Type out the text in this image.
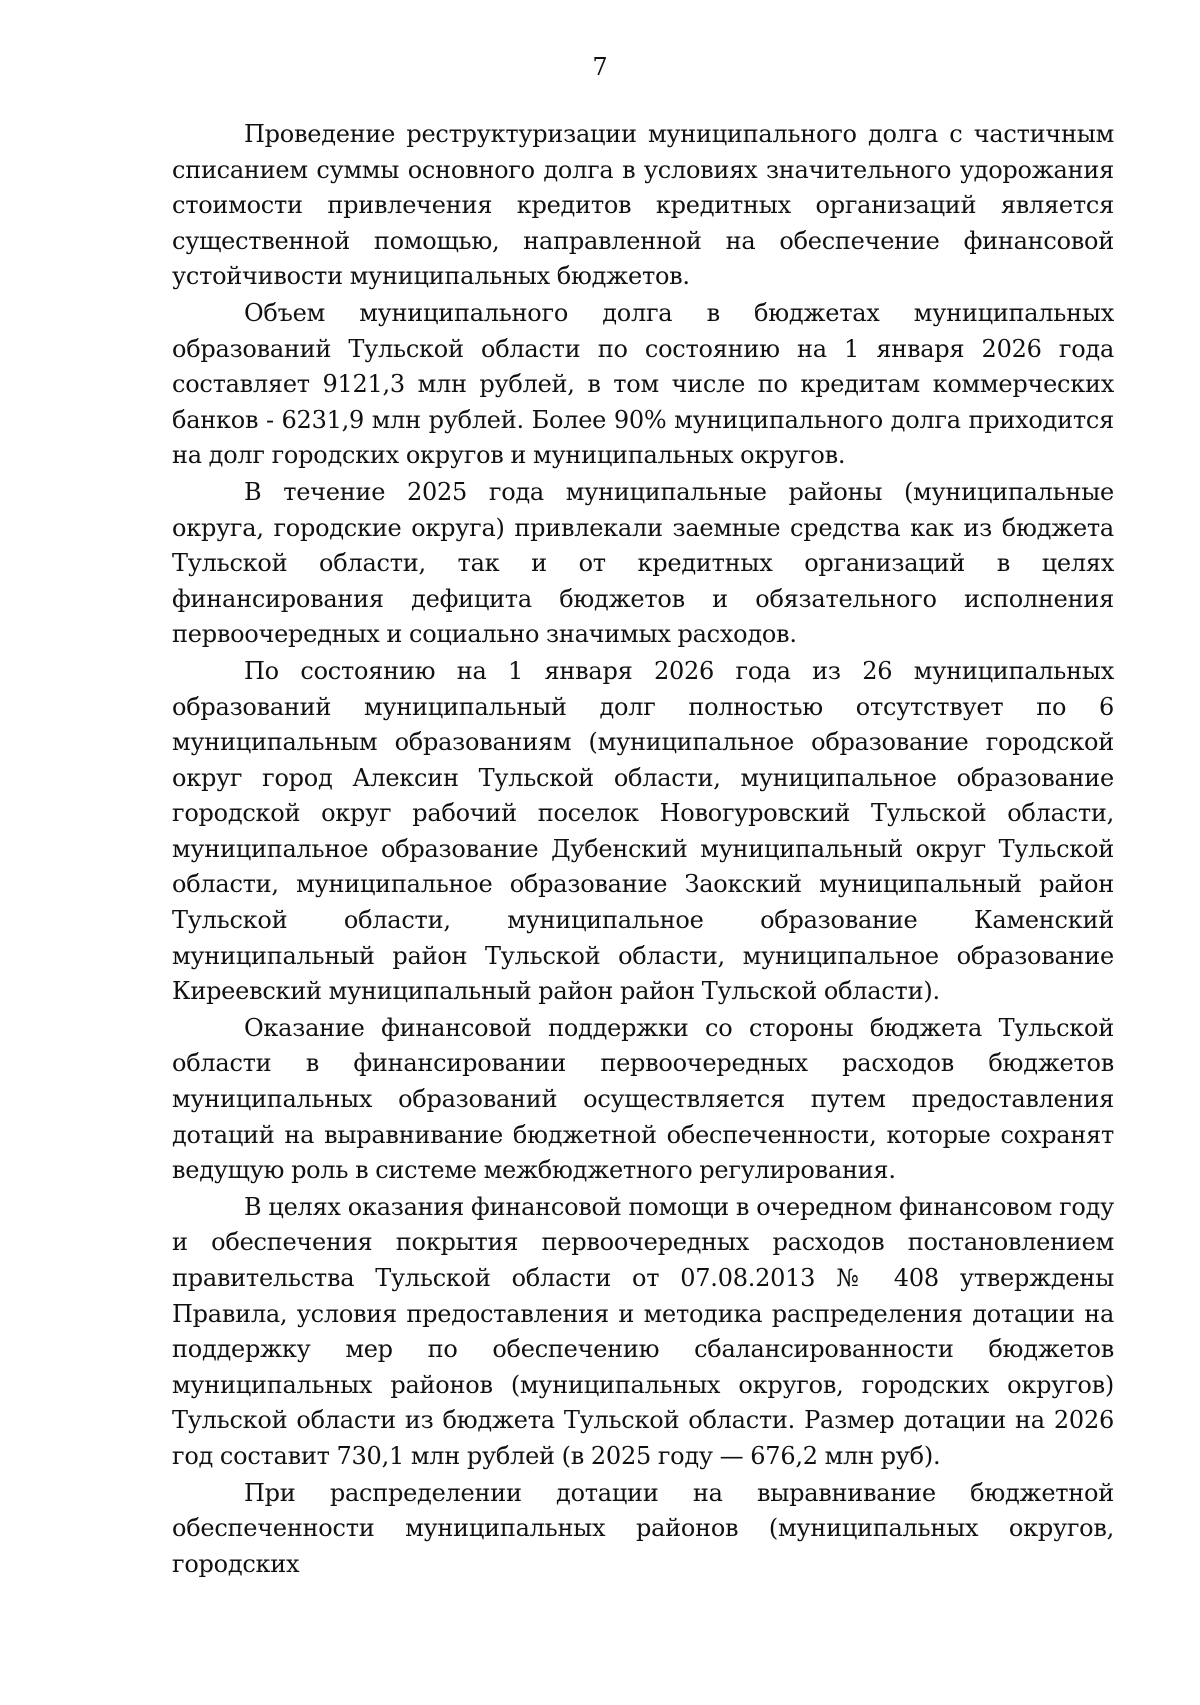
7

Проведение реструктуризации муниципального долга с частичным списанием суммы основного долга в условиях значительного удорожания стоимости привлечения кредитов кредитных организаций является существенной помощью, направленной на обеспечение финансовой устойчивости муниципальных бюджетов.

Объем муниципального долга в бюджетах муниципальных образований Тульской области по состоянию на 1 января 2026 года составляет 9121,3 млн рублей, в том числе по кредитам коммерческих банков - 6231,9 млн рублей. Более 90% муниципального долга приходится на долг городских округов и муниципальных округов.

В течение 2025 года муниципальные районы (муниципальные округа, городские округа) привлекали заемные средства как из бюджета Тульской области, так и от кредитных организаций в целях финансирования дефицита бюджетов и обязательного исполнения первоочередных и социально значимых расходов.

По состоянию на 1 января 2026 года из 26 муниципальных образований муниципальный долг полностью отсутствует по 6 муниципальным образованиям (муниципальное образование городской округ город Алексин Тульской области, муниципальное образование городской округ рабочий поселок Новогуровский Тульской области, муниципальное образование Дубенский муниципальный округ Тульской области, муниципальное образование Заокский муниципальный район Тульской области, муниципальное образование Каменский муниципальный район Тульской области, муниципальное образование Киреевский муниципальный район район Тульской области).

Оказание финансовой поддержки со стороны бюджета Тульской области в финансировании первоочередных расходов бюджетов муниципальных образований осуществляется путем предоставления дотаций на выравнивание бюджетной обеспеченности, которые сохранят ведущую роль в системе межбюджетного регулирования.

В целях оказания финансовой помощи в очередном финансовом году и обеспечения покрытия первоочередных расходов постановлением правительства Тульской области от 07.08.2013 № 408 утверждены Правила, условия предоставления и методика распределения дотации на поддержку мер по обеспечению сбалансированности бюджетов муниципальных районов (муниципальных округов, городских округов) Тульской области из бюджета Тульской области. Размер дотации на 2026 год составит 730,1 млн рублей (в 2025 году — 676,2 млн руб).

При распределении дотации на выравнивание бюджетной обеспеченности муниципальных районов (муниципальных округов, городских
